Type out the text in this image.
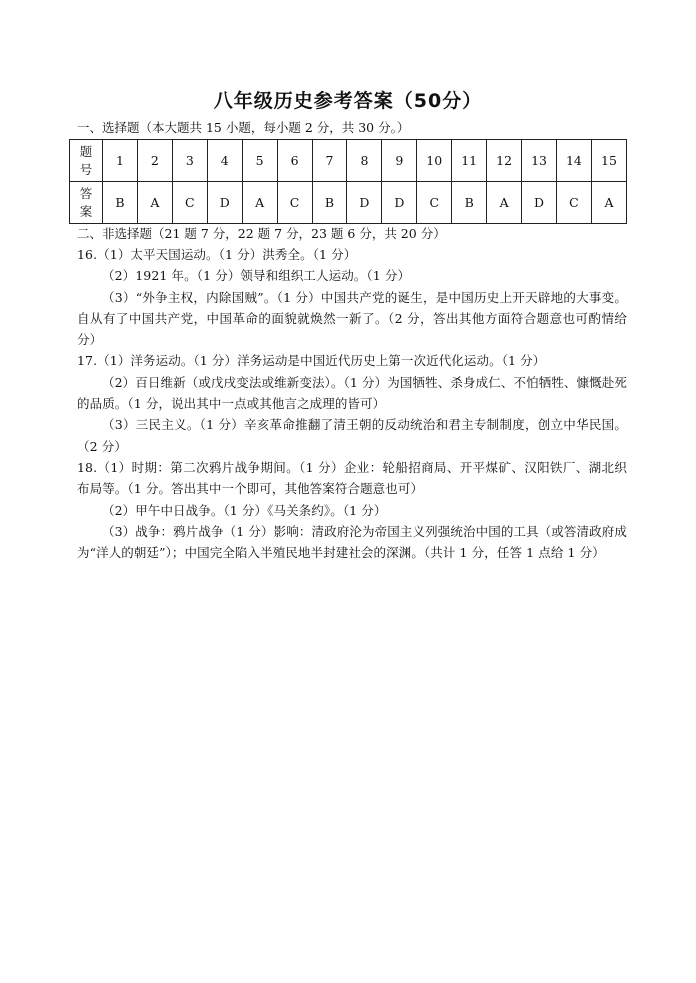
八年级历史参考答案（50分）
一、选择题（本大题共 15 小题，每小题 2 分，共 30 分。）
题
号	1	2	3	4	5	6	7	8	9	10	11	12	13	14	15

答
案	B	A	C	D	A	C	B	D	D	C	B	A	D	C	A
二、非选择题（21 题 7 分，22 题 7 分，23 题 6 分，共 20 分）

16.（1）太平天国运动。（1 分）洪秀全。（1 分）

（2）1921 年。（1 分）领导和组织工人运动。（1 分）

（3）“外争主权，内除国贼”。（1 分）中国共产党的诞生，是中国历史上开天辟地的大事变。自从有了中国共产党，中国革命的面貌就焕然一新了。（2 分，答出其他方面符合题意也可酌情给分）

17.（1）洋务运动。（1 分）洋务运动是中国近代历史上第一次近代化运动。（1 分）

（2）百日维新（或戊戌变法或维新变法）。（1 分）为国牺牲、杀身成仁、不怕牺牲、慷慨赴死的品质。（1 分，说出其中一点或其他言之成理的皆可）

（3）三民主义。（1 分）辛亥革命推翻了清王朝的反动统治和君主专制制度，创立中华民国。（2 分）

18.（1）时期：第二次鸦片战争期间。（1 分）企业：轮船招商局、开平煤矿、汉阳铁厂、湖北织布局等。（1 分。答出其中一个即可，其他答案符合题意也可）

（2）甲午中日战争。（1 分）《马关条约》。（1 分）

（3）战争：鸦片战争（1 分）影响：清政府沦为帝国主义列强统治中国的工具（或答清政府成为“洋人的朝廷”）；中国完全陷入半殖民地半封建社会的深渊。（共计 1 分，任答 1 点给 1 分）
